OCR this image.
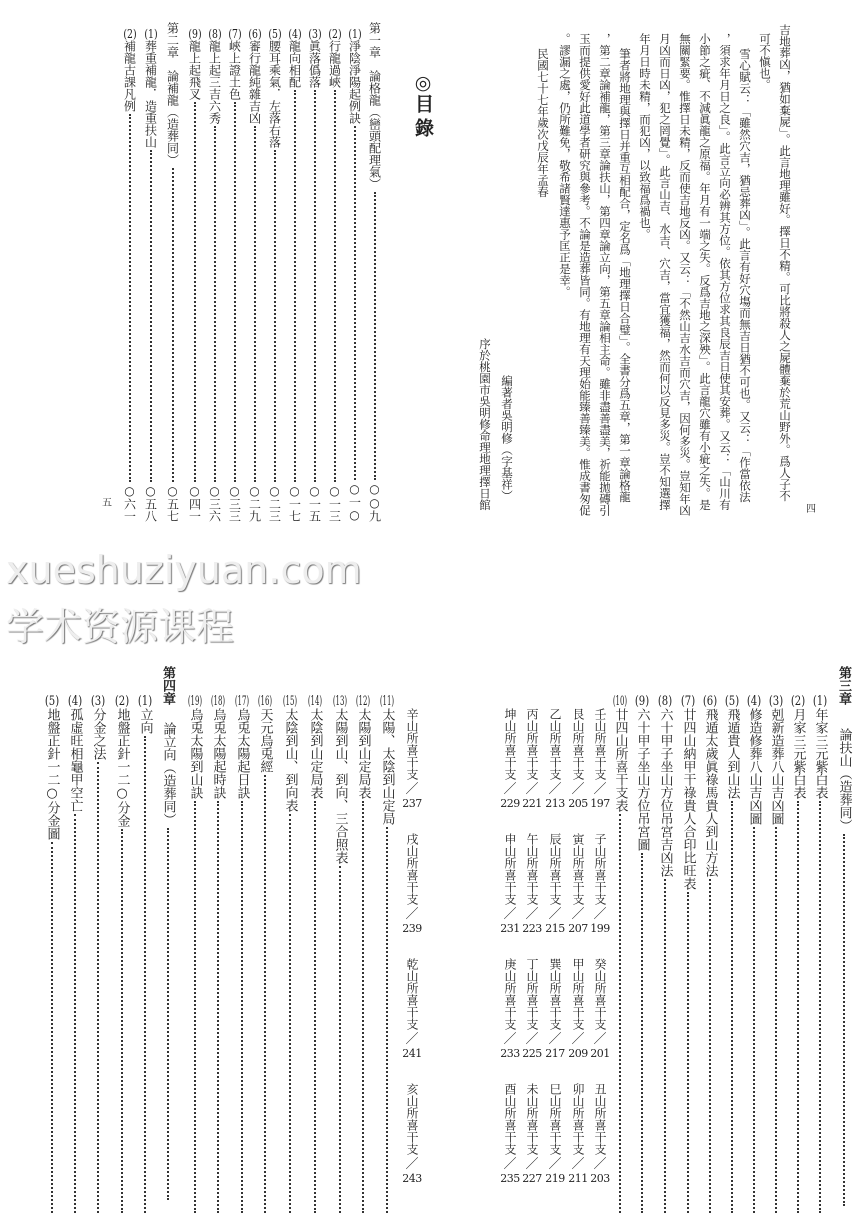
吉地葬凶，猶如棄屍」。此言地理雖好。擇日不精。可比將殺人之屍體棄於荒山野外。爲人子不
可不愼也。
雪心賦云：「雖然穴吉，猶忌葬凶」。此言有好穴塲而無吉日猶不可也。又云：「作當依法
，須求年月日之良」。此言立向必辨其方位。依其方位求其良辰吉日使其安葬。又云：「山川有
小節之疵、不減眞龍之原福。年月有一端之失。反爲吉地之深殃」。此言龍穴雖有小疵之失。是
無關緊要。惟擇日未精，反而使吉地反凶。又云：「不然山吉水吉而穴吉，因何多災。豈知年凶
月凶而日凶，犯之罔覺」。此言山吉、水吉、穴吉，當宜獲福，然而何以反見多災。豈不知選擇
年月日時未精，而犯凶，以致福爲禍也。
筆者將地理與擇日并重互相配合，定名爲「地理擇日合璧」。全書分爲五章，第一章論格龍
，第二章論補龍，第三章論扶山，第四章論立向，第五章論相主命。雖非盡善盡美，祈能拋磚引
玉而提供愛好此道學者研究與參考。不論是造葬皆同。有地理有天理始能臻善臻美。惟成書匆促
。謬漏之處，仍所難免，敬希諸賢達惠予匡正是幸。
民國七十七年歲次戊辰年孟春
編著者吳明修（字基祥）
序於桃園市吳明修命理地理擇日館	四
◎目
錄
第一章　論格龍（巒頭配理氣）
○○九
(1)
淨陰淨陽起例訣
○一○
(2)
行龍過峽
○一三
(3)
眞落僞落
○一五
(4)
龍向相配
○一七
(5)
腰耳乘氣．左落右落
○二三
(6)
審行龍純雜吉凶
○二九
(7)
峽上證土色
○三三
(8)
龍上起三吉六秀
○三六
(9)
龍上起飛叉
○四一
第二章　論補龍（造葬同）
○五七
(1)
葬重補龍．造重扶山
○五八
(2)
補龍古課凡例
○六一
五
xueshuziyuan.com
学术资源课程
第三章
論扶山（造葬同）
(1)
年家三元紫白表
(2)
月家三元紫白表
(3)
剋新造葬八山吉凶圖
(4)
修造修葬八山吉凶圖
(5)
飛遁貴人到山法
(6)
飛遁太歲眞祿馬貴人到山方法
(7)
廿四山納甲干祿貴人合印比旺表
(8)
六十甲子坐山方位吊宮吉凶法
(9)
六十甲子坐山方位吊宮圖
(10)
廿四山所喜干支表
(11)
太陽、太陰到山定局
(12)
太陽到山定局表
(13)
太陽到山、到向、三合照表
(14)
太陰到山定局表
(15)
太陰到山、到向表
(16)
天元烏兎經
(17)
烏兎太陽起日訣
(18)
烏兎太陽起時訣
(19)
烏兎太陽到山訣	壬山所喜干支
／
197
子山所喜干支
／
199
癸山所喜干支
／
201
丑山所喜干支
／
203
艮山所喜干支
／
205
寅山所喜干支
／
207
甲山所喜干支
／
209
卯山所喜干支
／
211
乙山所喜干支
／
213
辰山所喜干支
／
215
巽山所喜干支
／
217
巳山所喜干支
／
219
丙山所喜干支
／
221
午山所喜干支
／
223
丁山所喜干支
／
225
未山所喜干支
／
227
坤山所喜干支
／
229
申山所喜干支
／
231
庚山所喜干支
／
233
酉山所喜干支
／
235
辛山所喜干支
／
237
戌山所喜干支
／
239
乾山所喜干支
／
241
亥山所喜干支
／
243
第四章
論立向（造葬同）
(1)
立向
(2)
地盤正針一二○分金
(3)
分金之法
(4)
孤虛旺相龜甲空亡
(5)
地盤正針一二○分金圖
